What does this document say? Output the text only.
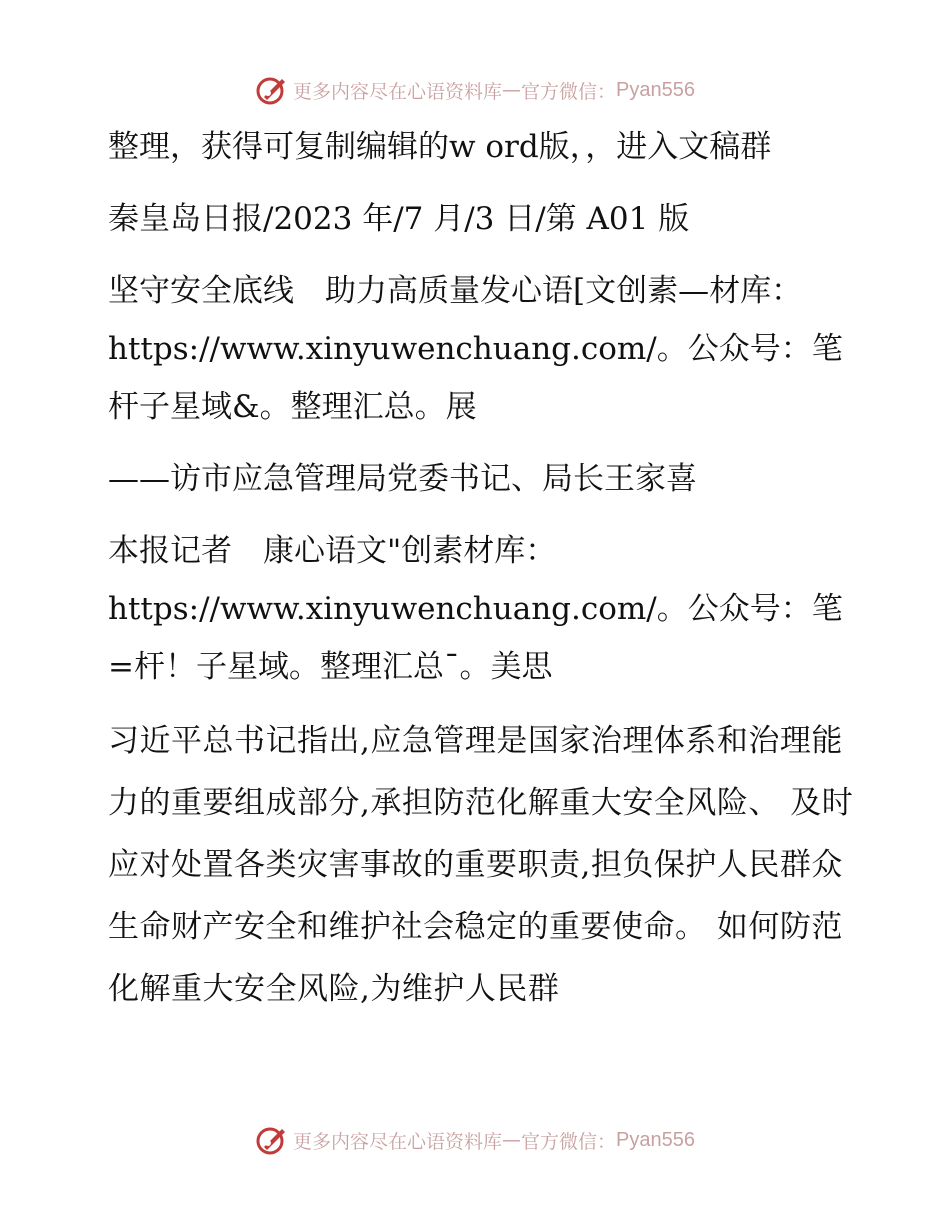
更多内容尽在心语资料库 — 官方微信： Pyan556

整理，获得可复制编辑的w ord版，，进入文稿群

秦皇岛日报/2023 年/7 月/3 日/第 A01 版

坚守安全底线　助力高质量发心语[文创素—材库：https://www.xinyuwenchuang.com/。公众号：笔杆子星域&。整理汇总。展

——访市应急管理局党委书记、局长王家喜

本报记者　康心语文"创素材库：https://www.xinyuwenchuang.com/。公众号：笔=杆！子星域。整理汇总¯。美思

习近平总书记指出,应急管理是国家治理体系和治理能力的重要组成部分,承担防范化解重大安全风险、 及时应对处置各类灾害事故的重要职责,担负保护人民群众生命财产安全和维护社会稳定的重要使命。 如何防范化解重大安全风险,为维护人民群

更多内容尽在心语资料库 — 官方微信： Pyan556
